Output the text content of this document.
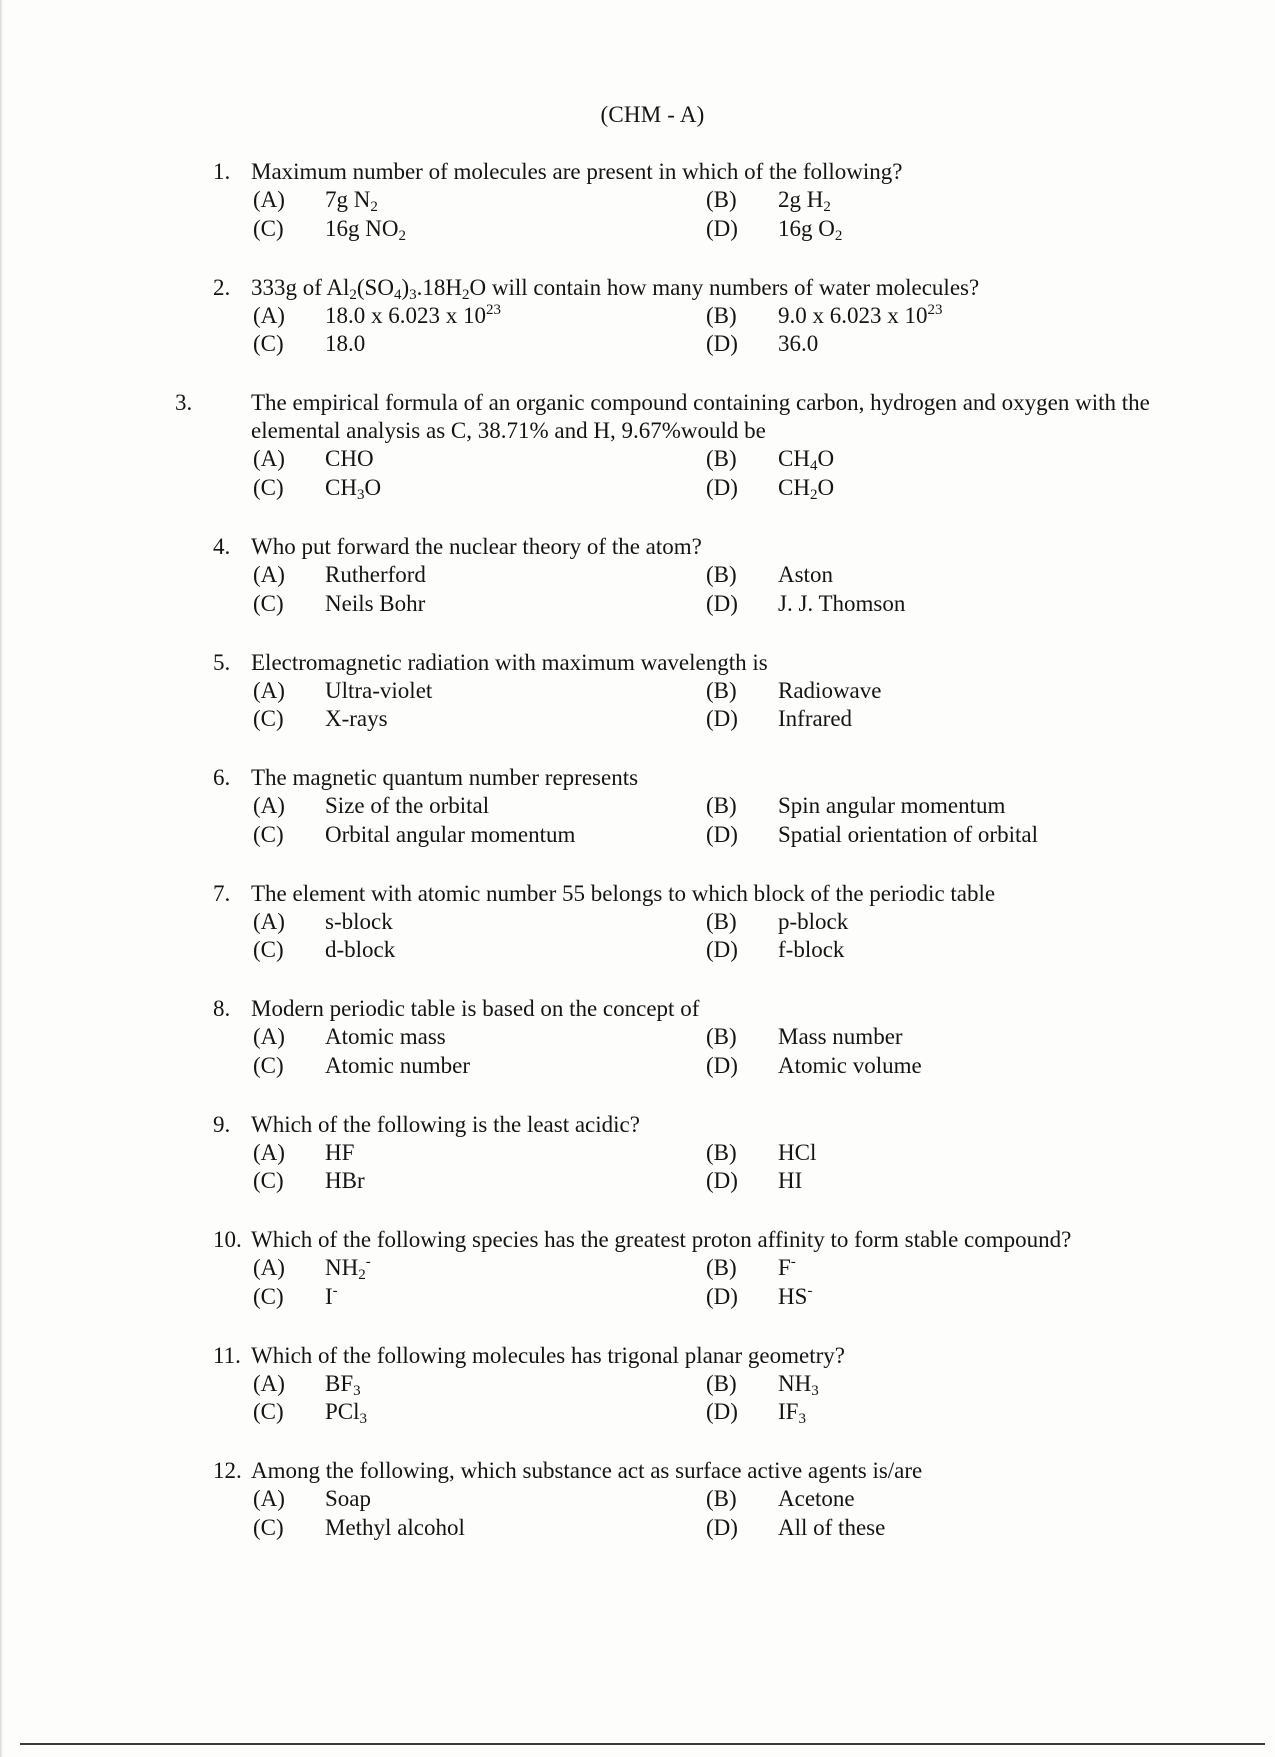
(CHM - A)
1. Maximum number of molecules are present in which of the following?
(A) 7g $N_2$	(B) 2g $H_2$
(C) 16g $NO_2$	(D) 16g $O_2$
2. 333g of $Al_2(SO_4)_3.18H_2O$ will contain how many numbers of water molecules?
(A) 18.0 x 6.023 x $10^{23}$	(B) 9.0 x 6.023 x $10^{23}$
(C) 18.0	(D) 36.0
3.	The empirical formula of an organic compound containing carbon, hydrogen and oxygen with the elemental analysis as C, 38.71% and H, 9.67%would be
(A) CHO	(B) $CH_4O$
(C) $CH_3O$	(D) $CH_2O$
4. Who put forward the nuclear theory of the atom?
(A) Rutherford	(B) Aston
(C) Neils Bohr	(D) J. J. Thomson
5. Electromagnetic radiation with maximum wavelength is
(A) Ultra-violet	(B) Radiowave
(C) X-rays	(D) Infrared
6. The magnetic quantum number represents
(A) Size of the orbital	(B) Spin angular momentum
(C) Orbital angular momentum	(D) Spatial orientation of orbital
7. The element with atomic number 55 belongs to which block of the periodic table
(A) s-block	(B) p-block
(C) d-block	(D) f-block
8. Modern periodic table is based on the concept of
(A) Atomic mass	(B) Mass number
(C) Atomic number	(D) Atomic volume
9. Which of the following is the least acidic?
(A) HF	(B) HCl
(C) HBr	(D) HI
10. Which of the following species has the greatest proton affinity to form stable compound?
(A) $NH_2^-$	(B) F-
(C) I-	(D) HS-
11. Which of the following molecules has trigonal planar geometry?
(A) $BF_3$	(B) $NH_3$
(C) PCl$_3$	(D) $IF_3$
12. Among the following, which substance act as surface active agents is/are
(A) Soap	(B) Acetone
(C) Methyl alcohol	(D) All of these
